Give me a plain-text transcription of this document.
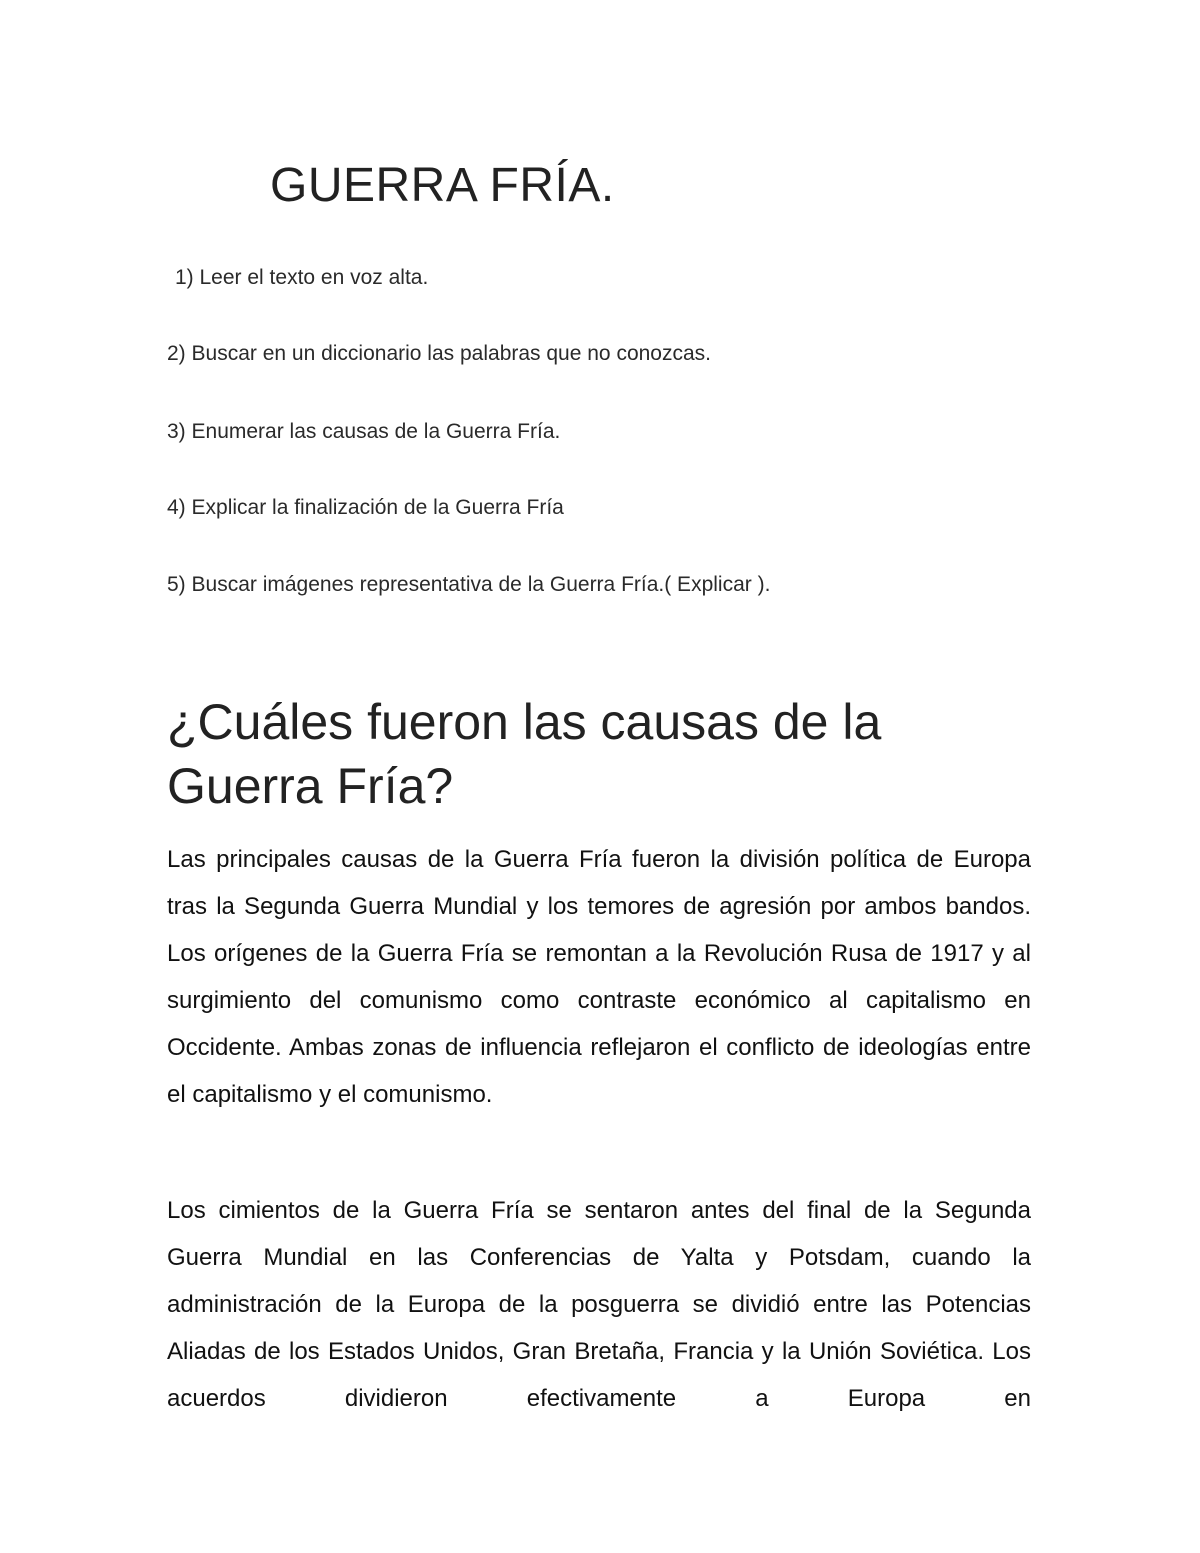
GUERRA FRÍA.
1) Leer el texto en voz alta.
2) Buscar en un diccionario las palabras que no conozcas.
3) Enumerar las causas de la Guerra Fría.
4) Explicar la finalización de la Guerra Fría
5) Buscar imágenes representativa de la Guerra Fría.( Explicar ).
¿Cuáles fueron las causas de la Guerra Fría?

Las principales causas de la Guerra Fría fueron la división política de Europa tras la Segunda Guerra Mundial y los temores de agresión por ambos bandos. Los orígenes de la Guerra Fría se remontan a la Revolución Rusa de 1917 y al surgimiento del comunismo como contraste económico al capitalismo en Occidente. Ambas zonas de influencia reflejaron el conflicto de ideologías entre el capitalismo y el comunismo.

Los cimientos de la Guerra Fría se sentaron antes del final de la Segunda Guerra Mundial en las Conferencias de Yalta y Potsdam, cuando la administración de la Europa de la posguerra se dividió entre las Potencias Aliadas de los Estados Unidos, Gran Bretaña, Francia y la Unión Soviética. Los acuerdos dividieron efectivamente a Europa en
